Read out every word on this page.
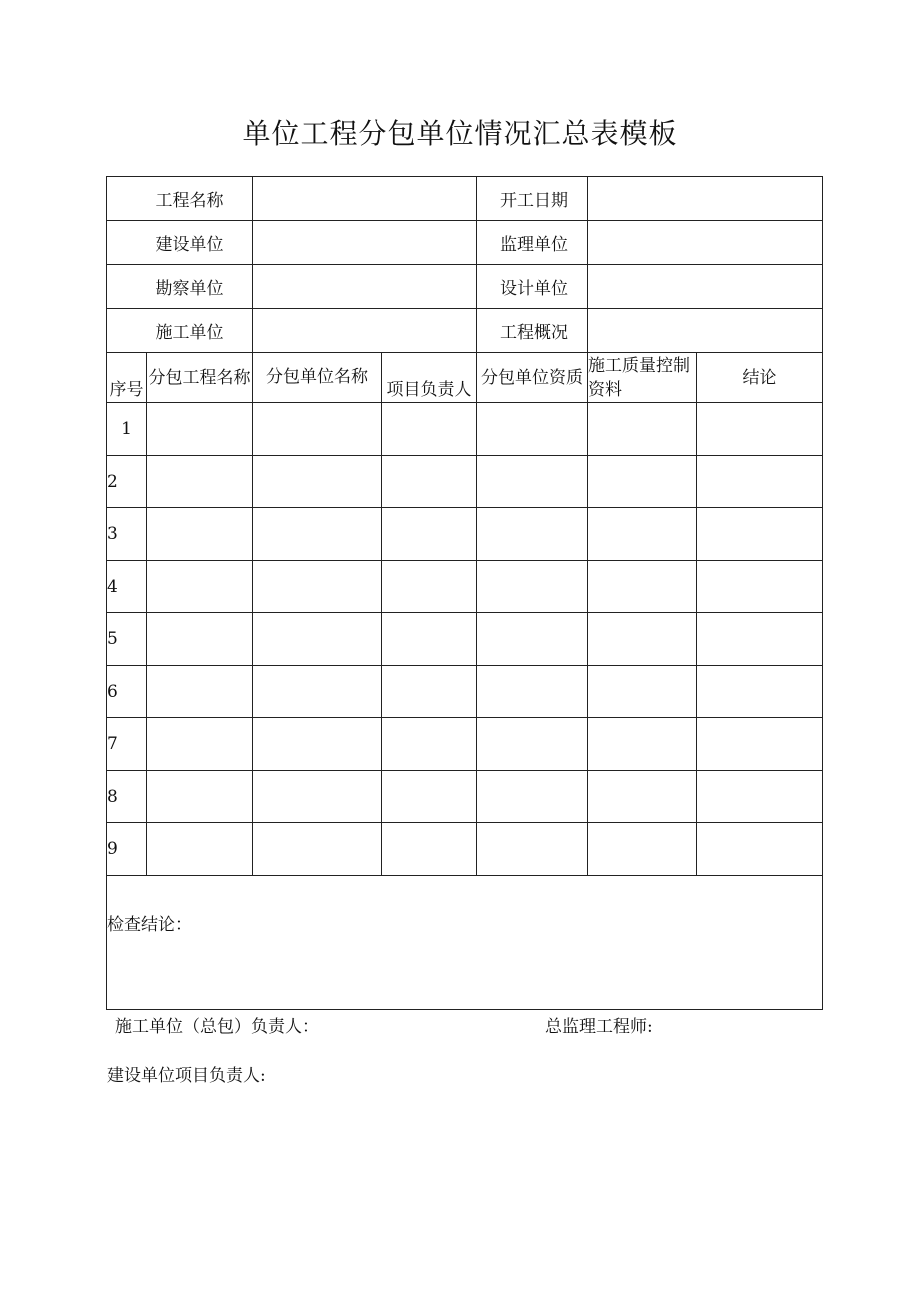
单位工程分包单位情况汇总表模板
工程名称				开工日期		
建设单位				监理单位		
勘察单位				设计单位		
施工单位				工程概况		
序号	分包工程名称	分包单位名称	项目负责人	分包单位资质	施工质量控制资料	结论
1						
2						
3						
4						
5						
6						
7						
8						
9						
检查结论：						
施工单位（总包）负责人：	总监理工程师:
建设单位项目负责人:
